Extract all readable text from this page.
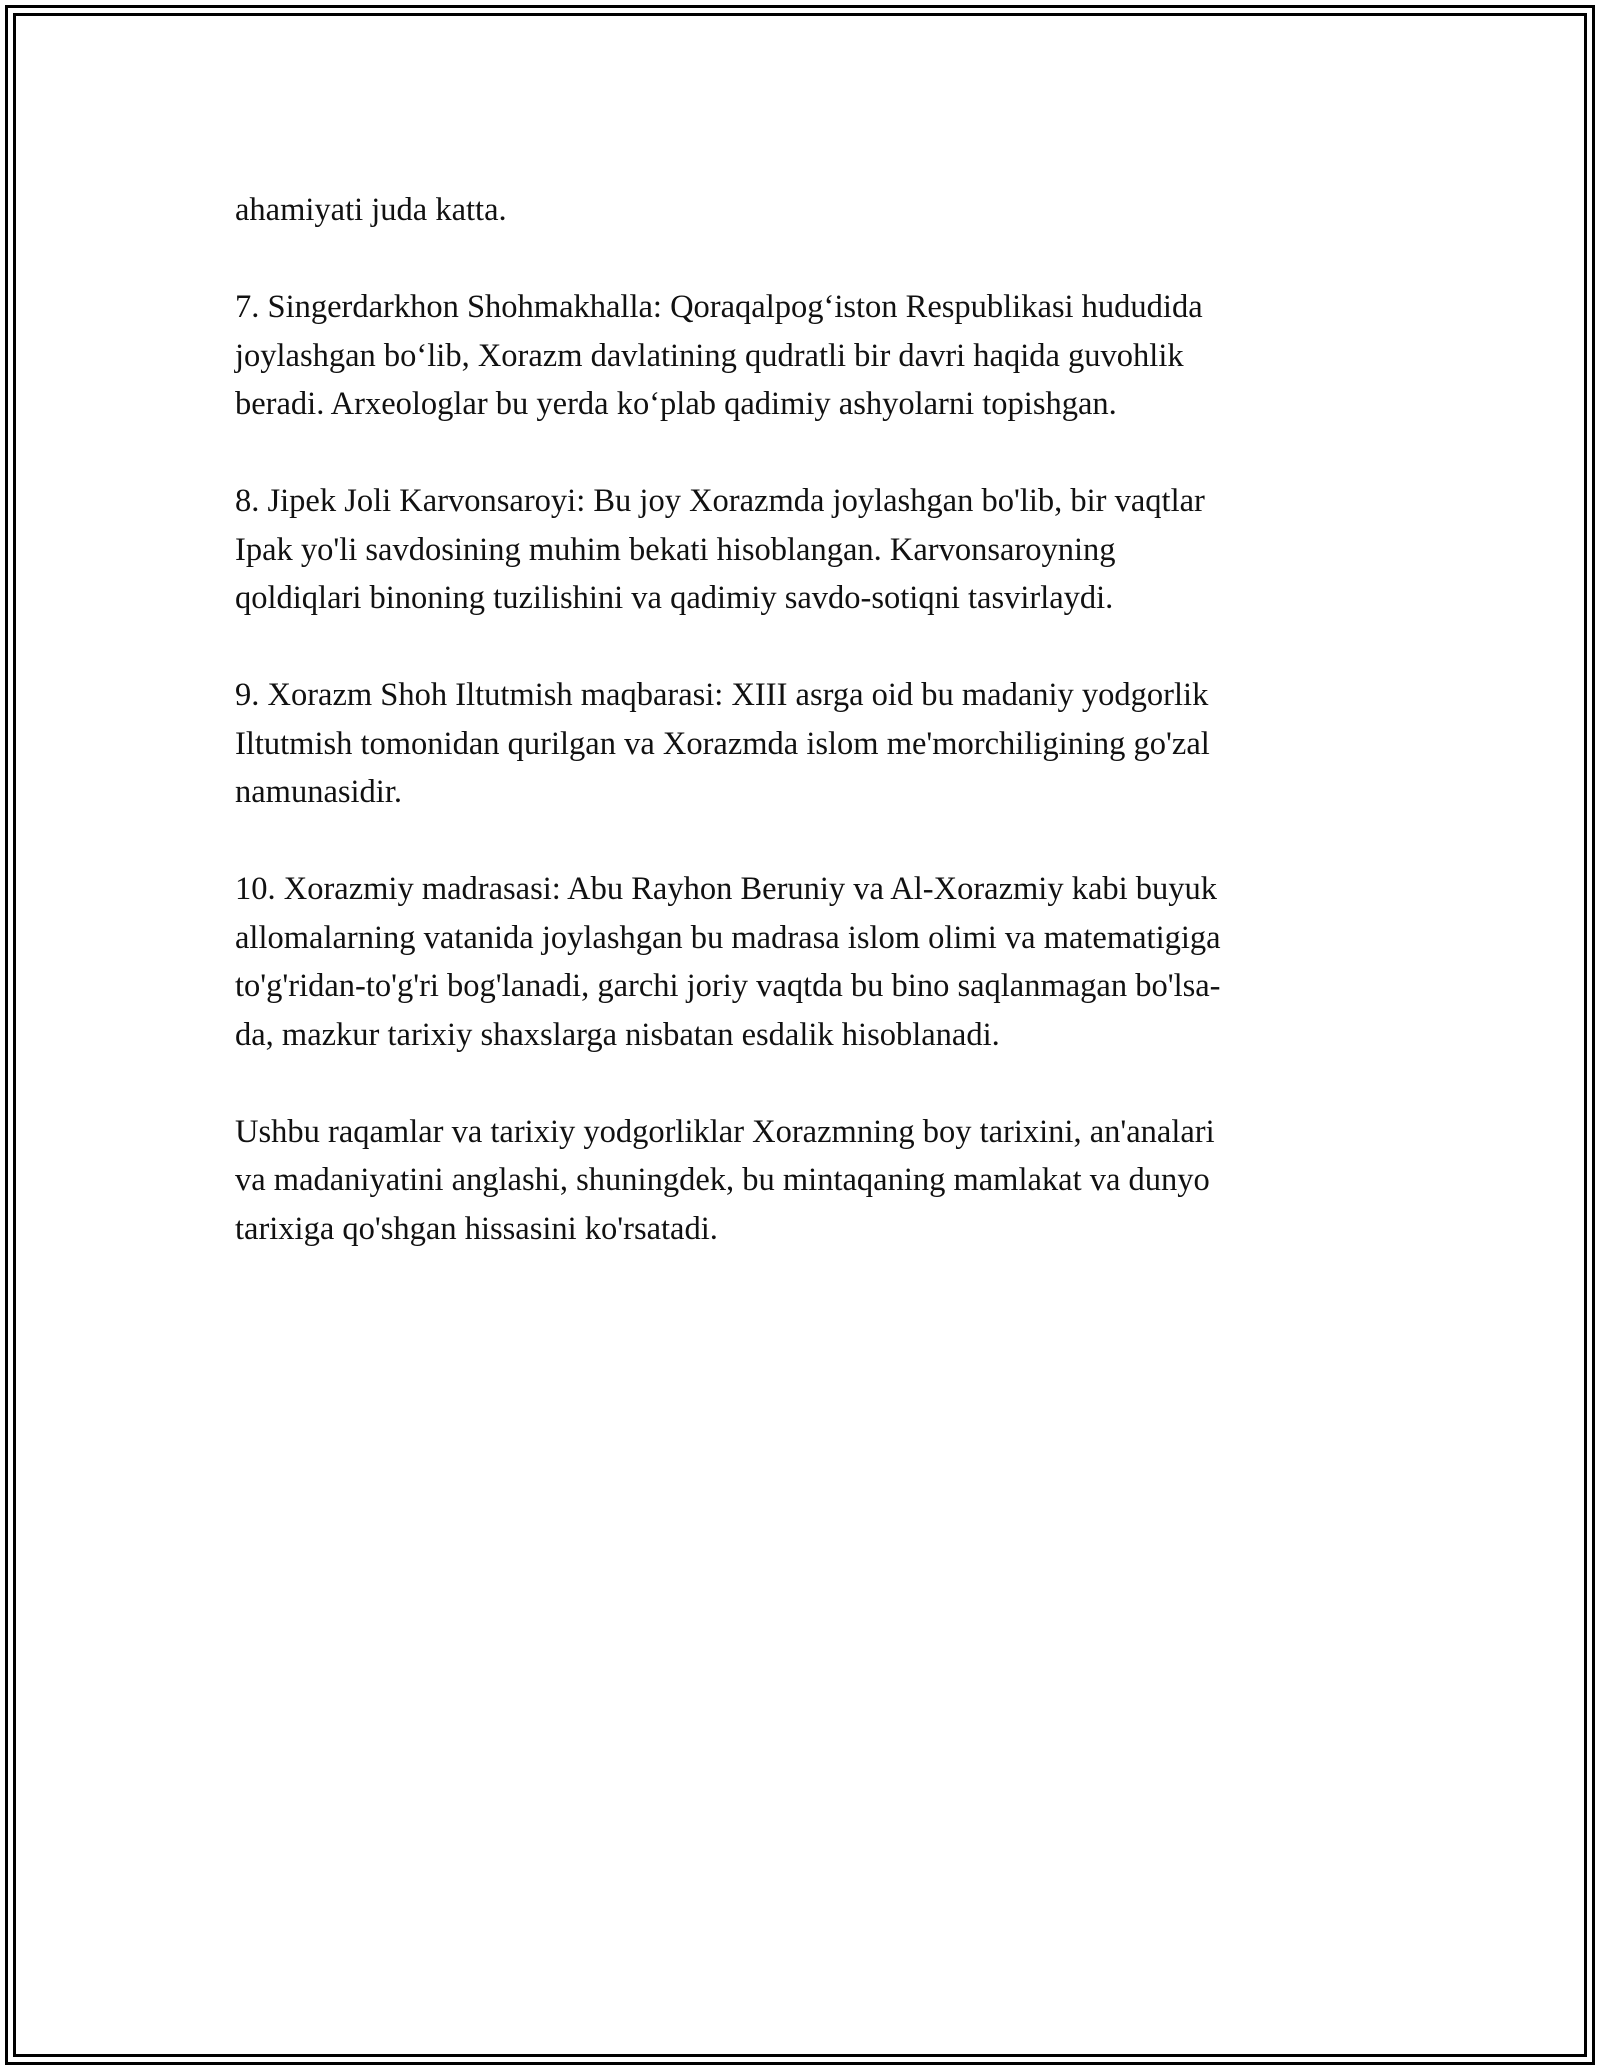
ahamiyati juda katta.

7. Singerdarkhon Shohmakhalla: Qoraqalpog‘iston Respublikasi hududida
joylashgan bo‘lib, Xorazm davlatining qudratli bir davri haqida guvohlik
beradi. Arxeologlar bu yerda ko‘plab qadimiy ashyolarni topishgan.

8. Jipek Joli Karvonsaroyi: Bu joy Xorazmda joylashgan bo'lib, bir vaqtlar
Ipak yo'li savdosining muhim bekati hisoblangan. Karvonsaroyning
qoldiqlari binoning tuzilishini va qadimiy savdo-sotiqni tasvirlaydi.

9. Xorazm Shoh Iltutmish maqbarasi: XIII asrga oid bu madaniy yodgorlik
Iltutmish tomonidan qurilgan va Xorazmda islom me'morchiligining go'zal
namunasidir.

10. Xorazmiy madrasasi: Abu Rayhon Beruniy va Al-Xorazmiy kabi buyuk
allomalarning vatanida joylashgan bu madrasa islom olimi va matematigiga
to'g'ridan-to'g'ri bog'lanadi, garchi joriy vaqtda bu bino saqlanmagan bo'lsa-
da, mazkur tarixiy shaxslarga nisbatan esdalik hisoblanadi.

Ushbu raqamlar va tarixiy yodgorliklar Xorazmning boy tarixini, an'analari
va madaniyatini anglashi, shuningdek, bu mintaqaning mamlakat va dunyo
tarixiga qo'shgan hissasini ko'rsatadi.
